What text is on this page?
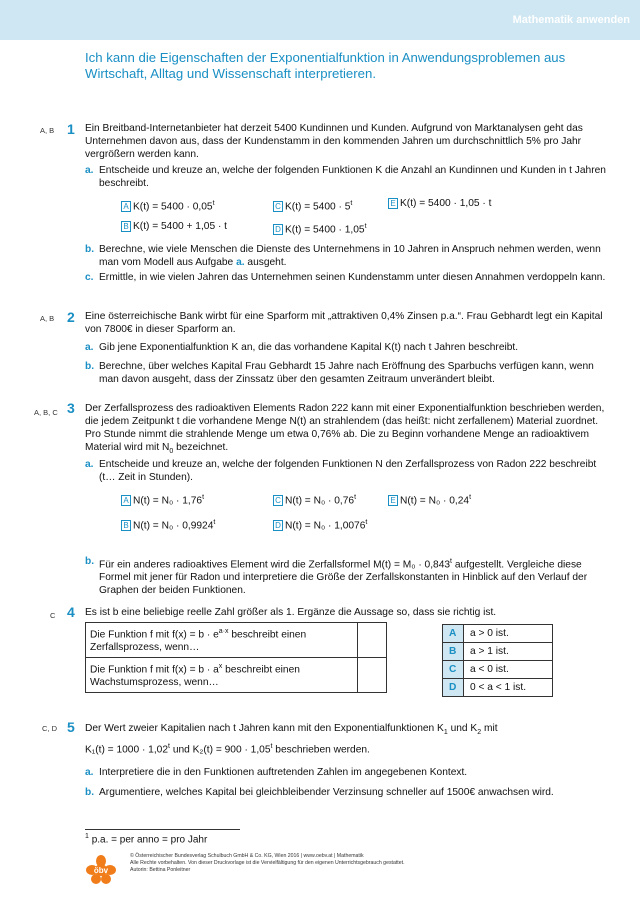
Mathematik anwenden
Ich kann die Eigenschaften der Exponentialfunktion in Anwendungsproblemen aus Wirtschaft, Alltag und Wissenschaft interpretieren.
A, B 1 Ein Breitband-Internetanbieter hat derzeit 5400 Kundinnen und Kunden. Aufgrund von Marktanalysen geht das Unternehmen davon aus, dass der Kundenstamm in den kommenden Jahren um durchschnittlich 5% pro Jahr vergrößern werden kann.
a. Entscheide und kreuze an, welche der folgenden Funktionen K die Anzahl an Kundinnen und Kunden in t Jahren beschreibt.
A $K(t) = 5400 \cdot 0,05^t$	C $K(t) = 5400 \cdot 5^t$	E K(t) = 5400 · 1,05 · t
B K(t) = 5400 + 1,05 · t	D $K(t) = 5400 \cdot 1,05^t$
b. Berechne, wie viele Menschen die Dienste des Unternehmens in 10 Jahren in Anspruch nehmen werden, wenn man vom Modell aus Aufgabe a. ausgeht.
c. Ermittle, in wie vielen Jahren das Unternehmen seinen Kundenstamm unter diesen Annahmen verdoppeln kann.
A, B 2 Eine österreichische Bank wirbt für eine Sparform mit „attraktiven 0,4% Zinsen p.a.“. Frau Gebhardt legt ein Kapital von 7800€ in dieser Sparform an.
a. Gib jene Exponentialfunktion K an, die das vorhandene Kapital K(t) nach t Jahren beschreibt.
b. Berechne, über welches Kapital Frau Gebhardt 15 Jahre nach Eröffnung des Sparbuchs verfügen kann, wenn man davon ausgeht, dass der Zinssatz über den gesamten Zeitraum unverändert bleibt.
A, B, C 3 Der Zerfallsprozess des radioaktiven Elements Radon 222 kann mit einer Exponentialfunktion beschrieben werden, die jedem Zeitpunkt t die vorhandene Menge N(t) an strahlendem (das heißt: nicht zerfallenem) Material zuordnet. Pro Stunde nimmt die strahlende Menge um etwa 0,76% ab. Die zu Beginn vorhandene Menge an radioaktivem Material wird mit $N_0$ bezeichnet.
a. Entscheide und kreuze an, welche der folgenden Funktionen N den Zerfallsprozess von Radon 222 beschreibt (t… Zeit in Stunden).
A $N(t) = N_0 \cdot 1,76^t$	C $N(t) = N_0 \cdot 0,76^t$	E $N(t) = N_0 \cdot 0,24^t$
B $N(t) = N_0 \cdot 0,9924^t$	D $N(t) = N_0 \cdot 1,0076^t$
b. Für ein anderes radioaktives Element wird die Zerfallsformel $M(t) = M_0 \cdot 0,843^t$ aufgestellt. Vergleiche diese Formel mit jener für Radon und interpretiere die Größe der Zerfallskonstanten in Hinblick auf den Verlauf der Graphen der beiden Funktionen.
C 4 Es ist b eine beliebige reelle Zahl größer als 1. Ergänze die Aussage so, dass sie richtig ist.
Die Funktion f mit $f(x) = b \cdot e^{a\cdot x}$ beschreibt einen Zerfallsprozess, wenn…	
Die Funktion f mit $f(x) = b \cdot a^x$ beschreibt einen Wachstumsprozess, wenn…	
A	a > 0 ist.
B	a > 1 ist.
C	a < 0 ist.
D	0 < a < 1 ist.
C, D 5 Der Wert zweier Kapitalien nach t Jahren kann mit den Exponentialfunktionen $K_1$ und $K_2$ mit
$K_1(t) = 1000 \cdot 1,02^t$ und $K_2(t) = 900 \cdot 1,05^t$ beschrieben werden.
a. Interpretiere die in den Funktionen auftretenden Zahlen im angegebenen Kontext.
b. Argumentiere, welches Kapital bei gleichbleibender Verzinsung schneller auf 1500€ anwachsen wird.
$^1$ p.a. = per anno = pro Jahr
öbv
© Österreichischer Bundesverlag Schulbuch GmbH & Co. KG, Wien 2016 | www.oebv.at | Mathematik
Alle Rechte vorbehalten. Von dieser Druckvorlage ist die Vervielfältigung für den eigenen Unterrichtsgebrauch gestattet.
Autorin: Bettina Ponleitner
